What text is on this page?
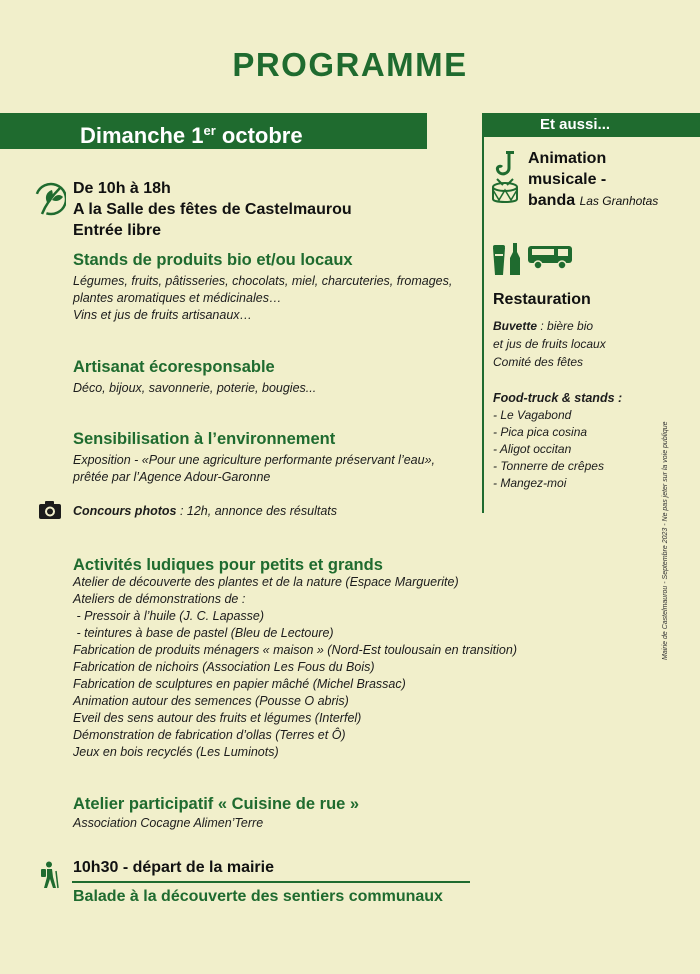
PROGRAMME
Dimanche 1er octobre	Et aussi...
De 10h à 18h
A la Salle des fêtes de Castelmaurou
Entrée libre
Stands de produits bio et/ou locaux
Légumes, fruits, pâtisseries, chocolats, miel, charcuteries, fromages,
plantes aromatiques et médicinales…
Vins et jus de fruits artisanaux…
Artisanat écoresponsable
Déco, bijoux, savonnerie, poterie, bougies...
Sensibilisation à l’environnement
Exposition - «Pour une agriculture performante préservant l’eau»,
prêtée par l’Agence Adour-Garonne
Concours photos : 12h, annonce des résultats
Activités ludiques pour petits et grands
Atelier de découverte des plantes et de la nature (Espace Marguerite)
Ateliers de démonstrations de :
- Pressoir à l’huile (J. C. Lapasse)
- teintures à base de pastel (Bleu de Lectoure)
Fabrication de produits ménagers « maison » (Nord-Est toulousain en transition)
Fabrication de nichoirs (Association Les Fous du Bois)
Fabrication de sculptures en papier mâché (Michel Brassac)
Animation autour des semences (Pousse O abris)
Eveil des sens autour des fruits et légumes (Interfel)
Démonstration de fabrication d’ollas (Terres et Ô)
Jeux en bois recyclés (Les Luminots)
Atelier participatif « Cuisine de rue »
Association Cocagne Alimen’Terre
10h30 - départ de la mairie
Balade à la découverte des sentiers communaux
Animation
musicale -
banda Las Granhotas
Restauration
Buvette : bière bio
et jus de fruits locaux
Comité des fêtes
Food-truck & stands :
- Le Vagabond
- Pica pica cosina
- Aligot occitan
- Tonnerre de crêpes
- Mangez-moi	Mairie de Castelmaurou - Septembre 2023 - Ne pas jeter sur la voie publique
